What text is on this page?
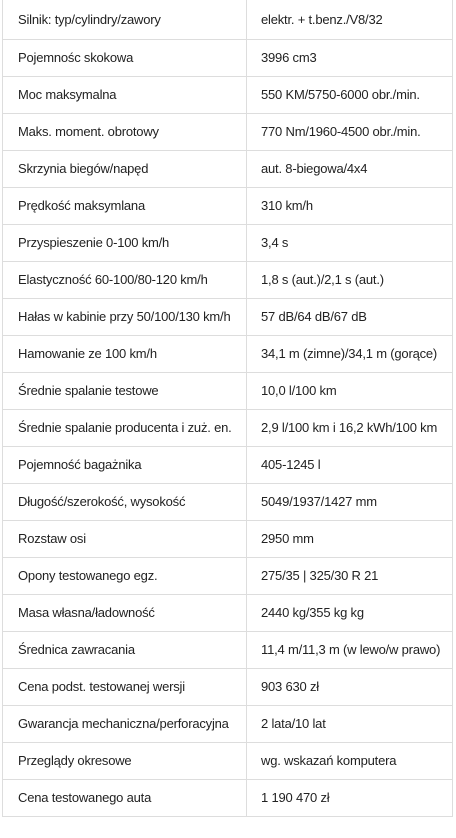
Silnik: typ/cylindry/zawory	elektr. + t.benz./V8/32
Pojemnośc skokowa	3996 cm3
Moc maksymalna	550 KM/5750-6000 obr./min.
Maks. moment. obrotowy	770 Nm/1960-4500 obr./min.
Skrzynia biegów/napęd	aut. 8-biegowa/4x4
Prędkość maksymlana	310 km/h
Przyspieszenie 0-100 km/h	3,4 s
Elastyczność 60-100/80-120 km/h	1,8 s (aut.)/2,1 s (aut.)
Hałas w kabinie przy 50/100/130 km/h	57 dB/64 dB/67 dB
Hamowanie ze 100 km/h	34,1 m (zimne)/34,1 m (gorące)
Średnie spalanie testowe	10,0 l/100 km
Średnie spalanie producenta i zuż. en.	2,9 l/100 km i 16,2 kWh/100 km
Pojemność bagażnika	405-1245 l
Długość/szerokość, wysokość	5049/1937/1427 mm
Rozstaw osi	2950 mm
Opony testowanego egz.	275/35 | 325/30 R 21
Masa własna/ładowność	2440 kg/355 kg kg
Średnica zawracania	11,4 m/11,3 m (w lewo/w prawo)
Cena podst. testowanej wersji	903 630 zł
Gwarancja mechaniczna/perforacyjna	2 lata/10 lat
Przeglądy okresowe	wg. wskazań komputera
Cena testowanego auta	1 190 470 zł
